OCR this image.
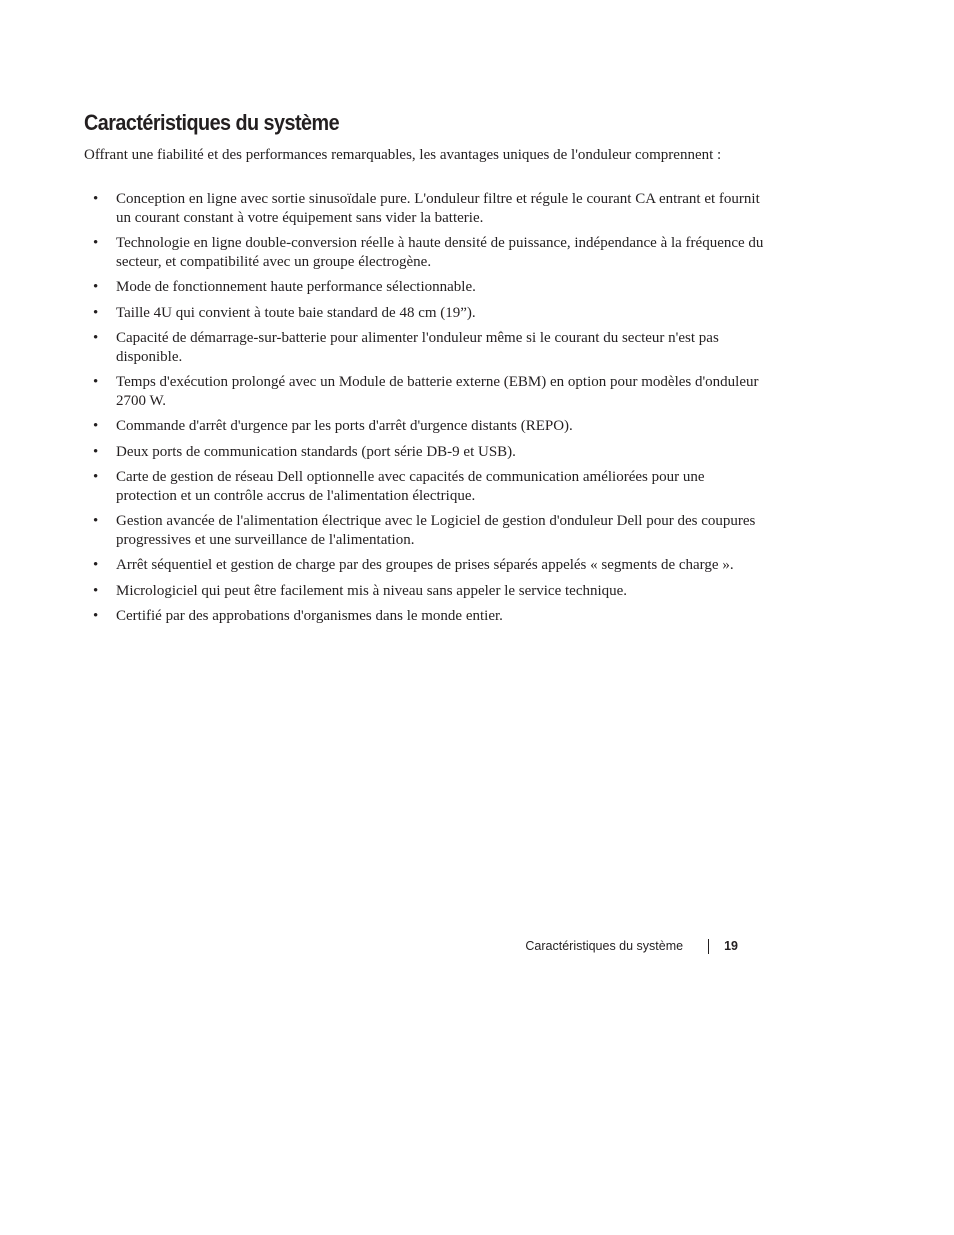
Caractéristiques du système

Offrant une fiabilité et des performances remarquables, les avantages uniques de l'onduleur comprennent :

• Conception en ligne avec sortie sinusoïdale pure. L'onduleur filtre et régule le courant CA entrant et fournit un courant constant à votre équipement sans vider la batterie.
• Technologie en ligne double-conversion réelle à haute densité de puissance, indépendance à la fréquence du secteur, et compatibilité avec un groupe électrogène.
• Mode de fonctionnement haute performance sélectionnable.
• Taille 4U qui convient à toute baie standard de 48 cm (19”).
• Capacité de démarrage-sur-batterie pour alimenter l'onduleur même si le courant du secteur n'est pas disponible.
• Temps d'exécution prolongé avec un Module de batterie externe (EBM) en option pour modèles d'onduleur 2700 W.
• Commande d'arrêt d'urgence par les ports d'arrêt d'urgence distants (REPO).
• Deux ports de communication standards (port série DB-9 et USB).
• Carte de gestion de réseau Dell optionnelle avec capacités de communication améliorées pour une protection et un contrôle accrus de l'alimentation électrique.
• Gestion avancée de l'alimentation électrique avec le Logiciel de gestion d'onduleur Dell pour des coupures progressives et une surveillance de l'alimentation.
• Arrêt séquentiel et gestion de charge par des groupes de prises séparés appelés « segments de charge ».
• Micrologiciel qui peut être facilement mis à niveau sans appeler le service technique.
• Certifié par des approbations d'organismes dans le monde entier.
Caractéristiques du système	19
